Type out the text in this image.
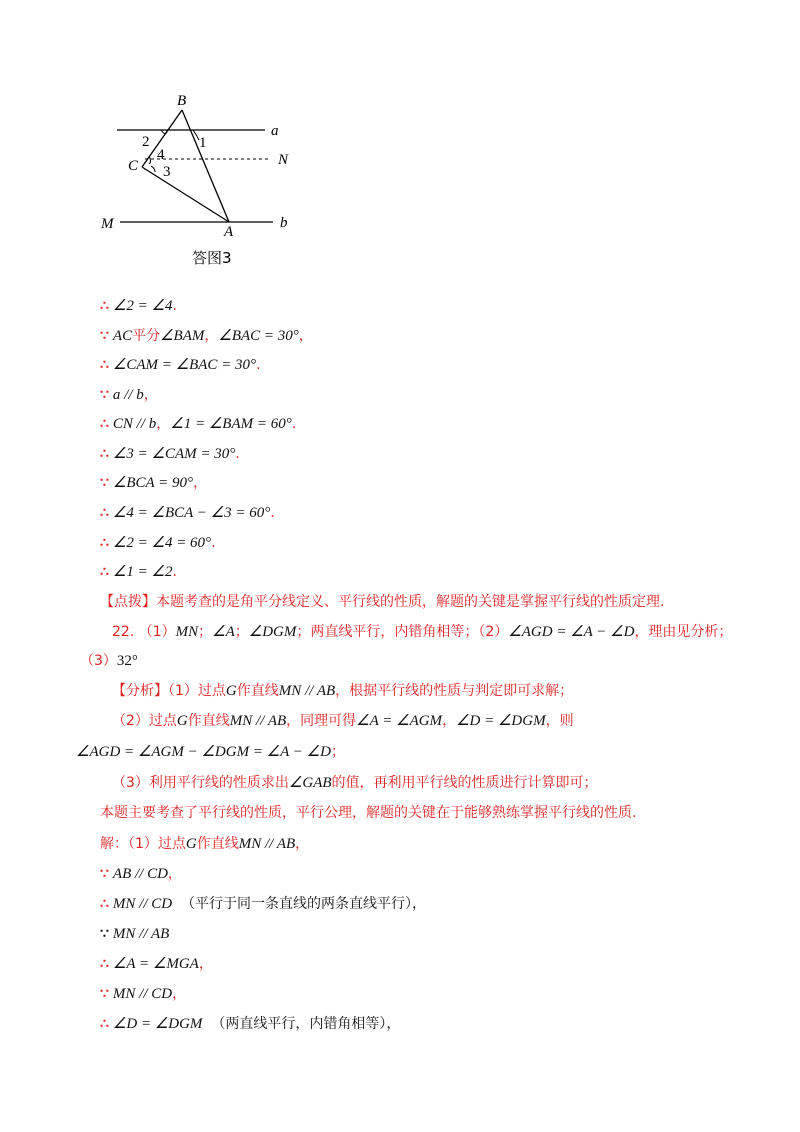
B
C
A
M
N
a
b
1
2
4
3
答图3
∴ ∠2 = ∠4.
∵ AC平分∠BAM，∠BAC = 30°，
∴ ∠CAM = ∠BAC = 30°.
∵ a // b，
∴ CN // b，∠1 = ∠BAM = 60°.
∴ ∠3 = ∠CAM = 30°.
∵ ∠BCA = 90°，
∴ ∠4 = ∠BCA − ∠3 = 60°.
∴ ∠2 = ∠4 = 60°.
∴ ∠1 = ∠2.
【点拨】本题考查的是角平分线定义、平行线的性质，解题的关键是掌握平行线的性质定理.
22. （1）MN；∠A；∠DGM；两直线平行，内错角相等；（2）∠AGD = ∠A − ∠D，理由见分析；
（3）32°
【分析】（1）过点G作直线MN // AB，根据平行线的性质与判定即可求解；
（2）过点G作直线MN // AB，同理可得∠A = ∠AGM，∠D = ∠DGM，则
∠AGD = ∠AGM − ∠DGM = ∠A − ∠D；
（3）利用平行线的性质求出∠GAB的值，再利用平行线的性质进行计算即可；
本题主要考查了平行线的性质，平行公理，解题的关键在于能够熟练掌握平行线的性质.
解：（1）过点G作直线MN // AB，
∵ AB // CD，
∴ MN // CD （平行于同一条直线的两条直线平行），
∵ MN // AB
∴ ∠A = ∠MGA，
∵ MN // CD，
∴ ∠D = ∠DGM （两直线平行，内错角相等），
